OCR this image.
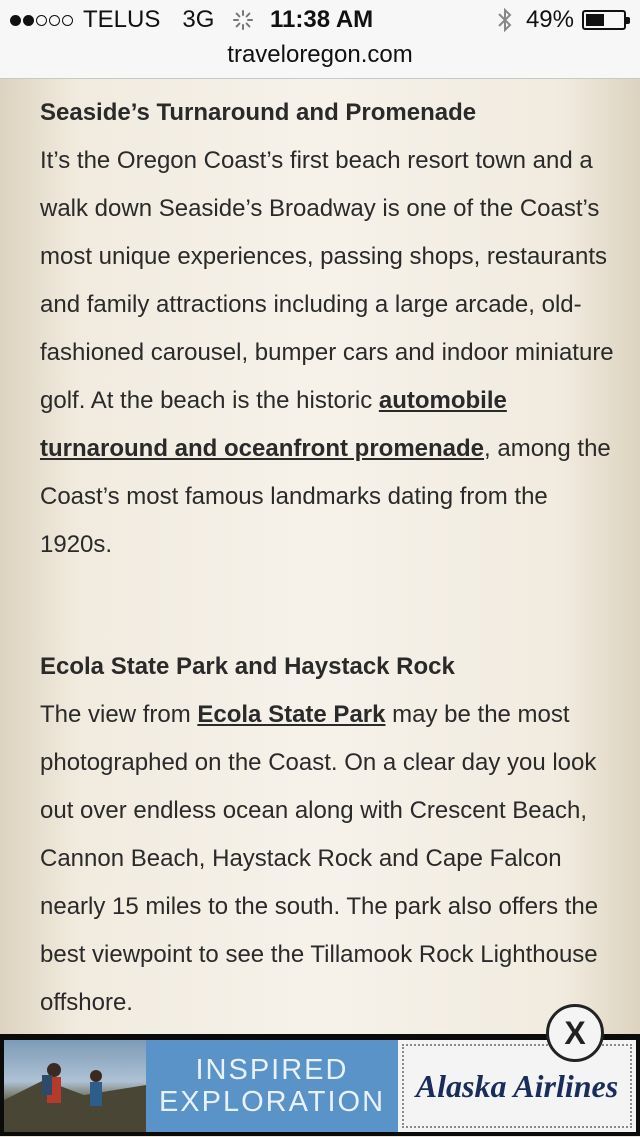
TELUS 3G 11:38 AM	49%
traveloregon.com
Seaside’s Turnaround and Promenade

It’s the Oregon Coast’s first beach resort town and a walk down Seaside’s Broadway is one of the Coast’s most unique experiences, passing shops, restaurants and family attractions including a large arcade, old-fashioned carousel, bumper cars and indoor miniature golf. At the beach is the historic automobile turnaround and oceanfront promenade, among the Coast’s most famous landmarks dating from the 1920s.

Ecola State Park and Haystack Rock

The view from Ecola State Park may be the most photographed on the Coast. On a clear day you look out over endless ocean along with Crescent Beach, Cannon Beach, Haystack Rock and Cape Falcon nearly 15 miles to the south. The park also offers the best viewpoint to see the Tillamook Rock Lighthouse offshore.

INSPIRED
EXPLORATION Alaska Airlines
X
